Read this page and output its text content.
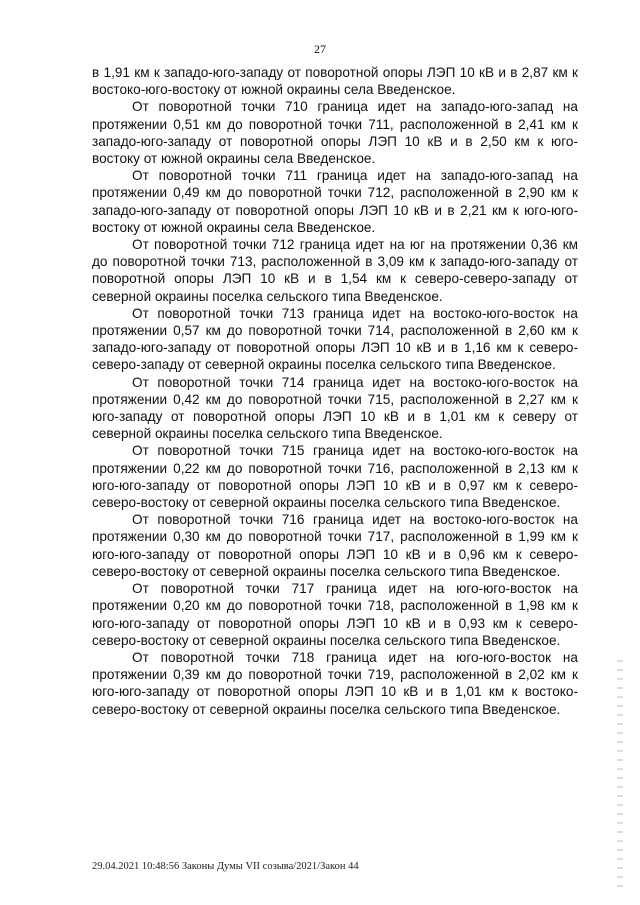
27

в 1,91 км к западо-юго-западу от поворотной опоры ЛЭП 10 кВ и в 2,87 км к востоко-юго-востоку от южной окраины села Введенское.

От поворотной точки 710 граница идет на западо-юго-запад на протяжении 0,51 км до поворотной точки 711, расположенной в 2,41 км к западо-юго-западу от поворотной опоры ЛЭП 10 кВ и в 2,50 км к юго-востоку от южной окраины села Введенское.

От поворотной точки 711 граница идет на западо-юго-запад на протяжении 0,49 км до поворотной точки 712, расположенной в 2,90 км к западо-юго-западу от поворотной опоры ЛЭП 10 кВ и в 2,21 км к юго-юго-востоку от южной окраины села Введенское.

От поворотной точки 712 граница идет на юг на протяжении 0,36 км до поворотной точки 713, расположенной в 3,09 км к западо-юго-западу от поворотной опоры ЛЭП 10 кВ и в 1,54 км к северо-северо-западу от северной окраины поселка сельского типа Введенское.

От поворотной точки 713 граница идет на востоко-юго-восток на протяжении 0,57 км до поворотной точки 714, расположенной в 2,60 км к западо-юго-западу от поворотной опоры ЛЭП 10 кВ и в 1,16 км к северо-северо-западу от северной окраины поселка сельского типа Введенское.

От поворотной точки 714 граница идет на востоко-юго-восток на протяжении 0,42 км до поворотной точки 715, расположенной в 2,27 км к юго-западу от поворотной опоры ЛЭП 10 кВ и в 1,01 км к северу от северной окраины поселка сельского типа Введенское.

От поворотной точки 715 граница идет на востоко-юго-восток на протяжении 0,22 км до поворотной точки 716, расположенной в 2,13 км к юго-юго-западу от поворотной опоры ЛЭП 10 кВ и в 0,97 км к северо-северо-востоку от северной окраины поселка сельского типа Введенское.

От поворотной точки 716 граница идет на востоко-юго-восток на протяжении 0,30 км до поворотной точки 717, расположенной в 1,99 км к юго-юго-западу от поворотной опоры ЛЭП 10 кВ и в 0,96 км к северо-северо-востоку от северной окраины поселка сельского типа Введенское.

От поворотной точки 717 граница идет на юго-юго-восток на протяжении 0,20 км до поворотной точки 718, расположенной в 1,98 км к юго-юго-западу от поворотной опоры ЛЭП 10 кВ и в 0,93 км к северо-северо-востоку от северной окраины поселка сельского типа Введенское.

От поворотной точки 718 граница идет на юго-юго-восток на протяжении 0,39 км до поворотной точки 719, расположенной в 2,02 км к юго-юго-западу от поворотной опоры ЛЭП 10 кВ и в 1,01 км к востоко-северо-востоку от северной окраины поселка сельского типа Введенское.

29.04.2021 10:48:56 Законы Думы VII созыва/2021/Закон 44
